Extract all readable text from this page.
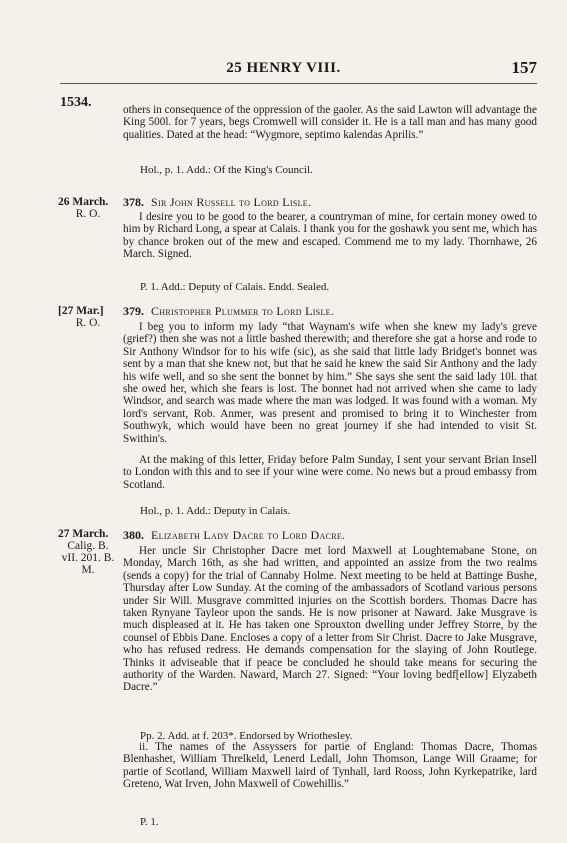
25 HENRY VIII.	157
1534.	others in consequence of the oppression of the gaoler. As the said Lawton will advantage the King 500l. for 7 years, begs Cromwell will consider it. He is a tall man and has many good qualities. Dated at the head: “Wygmore, septimo kalendas Aprilis.”

Hol., p. 1. Add.: Of the King's Council.

26 March.
R. O.
378. Sir John Russell to Lord Lisle.

I desire you to be good to the bearer, a countryman of mine, for certain money owed to him by Richard Long, a spear at Calais. I thank you for the goshawk you sent me, which has by chance broken out of the mew and escaped. Commend me to my lady. Thornhawe, 26 March. Signed.

P. 1. Add.: Deputy of Calais. Endd. Sealed.

[27 Mar.]
R. O.
379. Christopher Plummer to Lord Lisle.

I beg you to inform my lady “that Waynam's wife when she knew my lady's greve (grief?) then she was not a little bashed therewith; and therefore she gat a horse and rode to Sir Anthony Windsor for to his wife (sic), as she said that little lady Bridget's bonnet was sent by a man that she knew not, but that he said he knew the said Sir Anthony and the lady his wife well, and so she sent the bonnet by him.” She says she sent the said lady 10l. that she owed her, which she fears is lost. The bonnet had not arrived when she came to lady Windsor, and search was made where the man was lodged. It was found with a woman. My lord's servant, Rob. Anmer, was present and promised to bring it to Winchester from Southwyk, which would have been no great journey if she had intended to visit St. Swithin's.

At the making of this letter, Friday before Palm Sunday, I sent your servant Brian Insell to London with this and to see if your wine were come. No news but a proud embassy from Scotland.

Hol., p. 1. Add.: Deputy in Calais.

27 March.
Calig. B. vII. 201. B. M.
380. Elizabeth Lady Dacre to Lord Dacre.

Her uncle Sir Christopher Dacre met lord Maxwell at Loughtemabane Stone, on Monday, March 16th, as she had written, and appointed an assize from the two realms (sends a copy) for the trial of Cannaby Holme. Next meeting to be held at Battinge Bushe, Thursday after Low Sunday. At the coming of the ambassadors of Scotland various persons under Sir Will. Musgrave committed injuries on the Scottish borders. Thomas Dacre has taken Rynyane Tayleor upon the sands. He is now prisoner at Naward. Jake Musgrave is much displeased at it. He has taken one Sprouxton dwelling under Jeffrey Storre, by the counsel of Ebbis Dane. Encloses a copy of a letter from Sir Christ. Dacre to Jake Musgrave, who has refused redress. He demands compensation for the slaying of John Routlege. Thinks it adviseable that if peace be concluded he should take means for securing the authority of the Warden. Naward, March 27. Signed: “Your loving bedf[ellow] Elyzabeth Dacre.”

Pp. 2. Add. at f. 203*. Endorsed by Wriothesley.

ii. The names of the Assyssers for partie of England: Thomas Dacre, Thomas Blenhashet, William Threlkeld, Lenerd Ledall, John Thomson, Lange Will Graame; for partie of Scotland, William Maxwell laird of Tynhall, lard Rooss, John Kyrkepatrike, lard Greteno, Wat Irven, John Maxwell of Cowehillis.”

P. 1.
